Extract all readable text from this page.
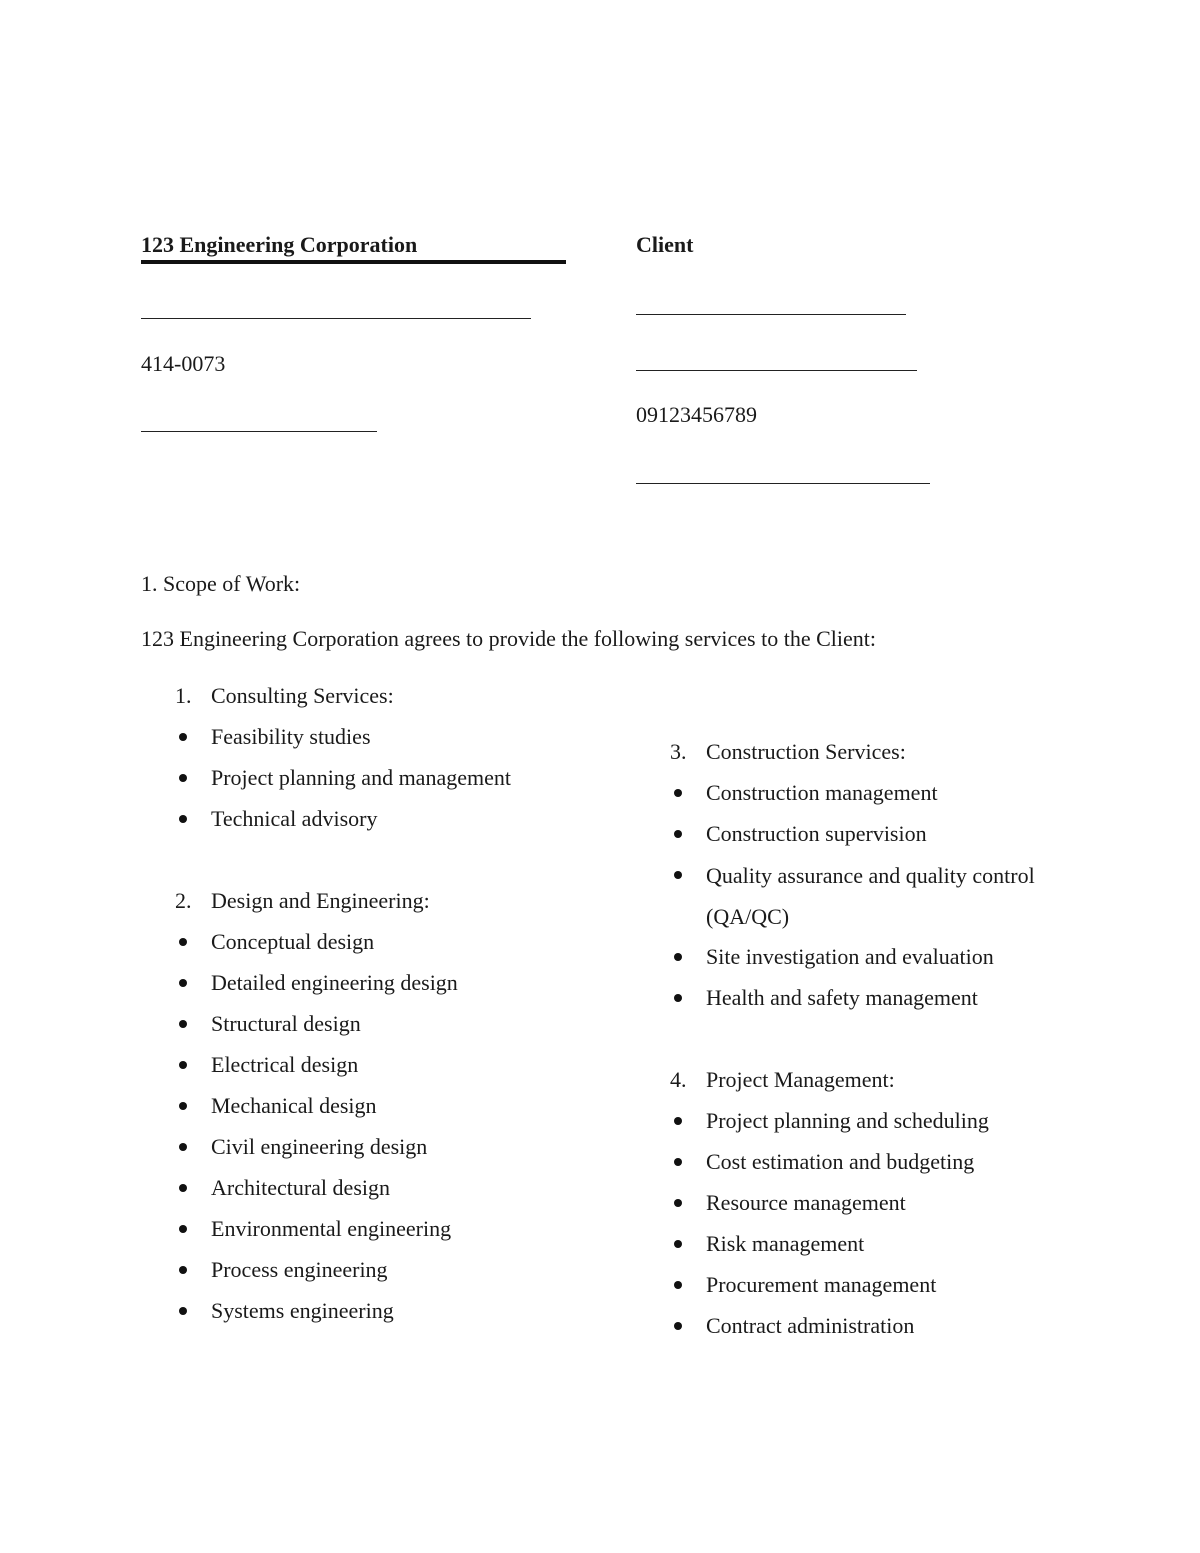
123 Engineering Corporation
414-0073
Client
09123456789
1. Scope of Work:
123 Engineering Corporation agrees to provide the following services to the Client:
1. Consulting Services:
Feasibility studies
Project planning and management
Technical advisory
2. Design and Engineering:
Conceptual design
Detailed engineering design
Structural design
Electrical design
Mechanical design
Civil engineering design
Architectural design
Environmental engineering
Process engineering
Systems engineering
3. Construction Services:
Construction management
Construction supervision
Quality assurance and quality control (QA/QC)
Site investigation and evaluation
Health and safety management
4. Project Management:
Project planning and scheduling
Cost estimation and budgeting
Resource management
Risk management
Procurement management
Contract administration
